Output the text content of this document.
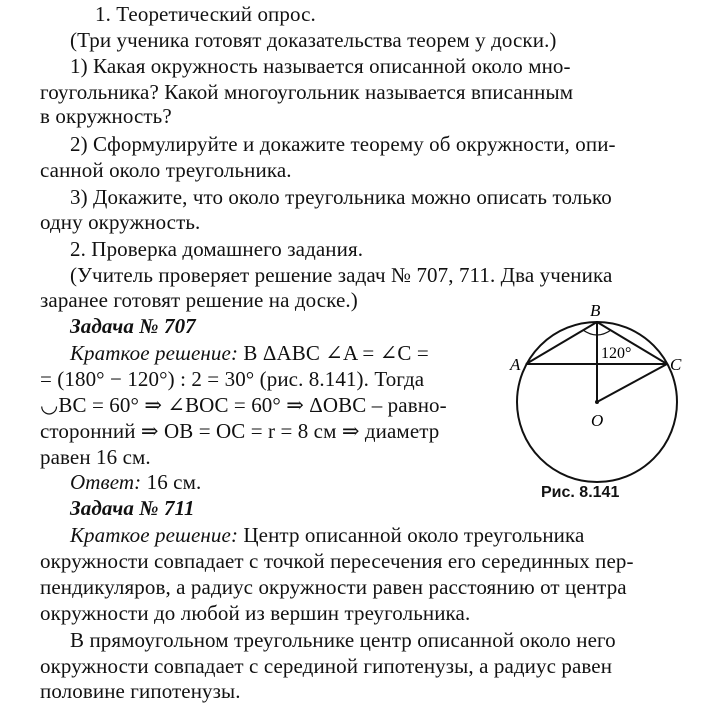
1. Теоретический опрос.
(Три ученика готовят доказательства теорем у доски.)
1) Какая окружность называется описанной около мно-
гоугольника? Какой многоугольник называется вписанным
в окружность?
2) Сформулируйте и докажите теорему об окружности, опи-
санной около треугольника.
3) Докажите, что около треугольника можно описать только
одну окружность.
2. Проверка домашнего задания.
(Учитель проверяет решение задач № 707, 711. Два ученика
заранее готовят решение на доске.)
Задача № 707
Краткое решение: В ΔABC ∠A = ∠C =
= (180° − 120°) : 2 = 30° (рис. 8.141). Тогда
◡BC = 60° ⇒ ∠BOC = 60° ⇒ ΔOBC – равно-
сторонний ⇒ OB = OC = r = 8 см ⇒ диаметр
равен 16 см.
Ответ: 16 см.
Задача № 711
Краткое решение: Центр описанной около треугольника
окружности совпадает с точкой пересечения его серединных пер-
пендикуляров, а радиус окружности равен расстоянию от центра
окружности до любой из вершин треугольника.
В прямоугольном треугольнике центр описанной около него
окружности совпадает с серединой гипотенузы, а радиус равен
половине гипотенузы.
A
B
C
O
120°
Рис. 8.141
